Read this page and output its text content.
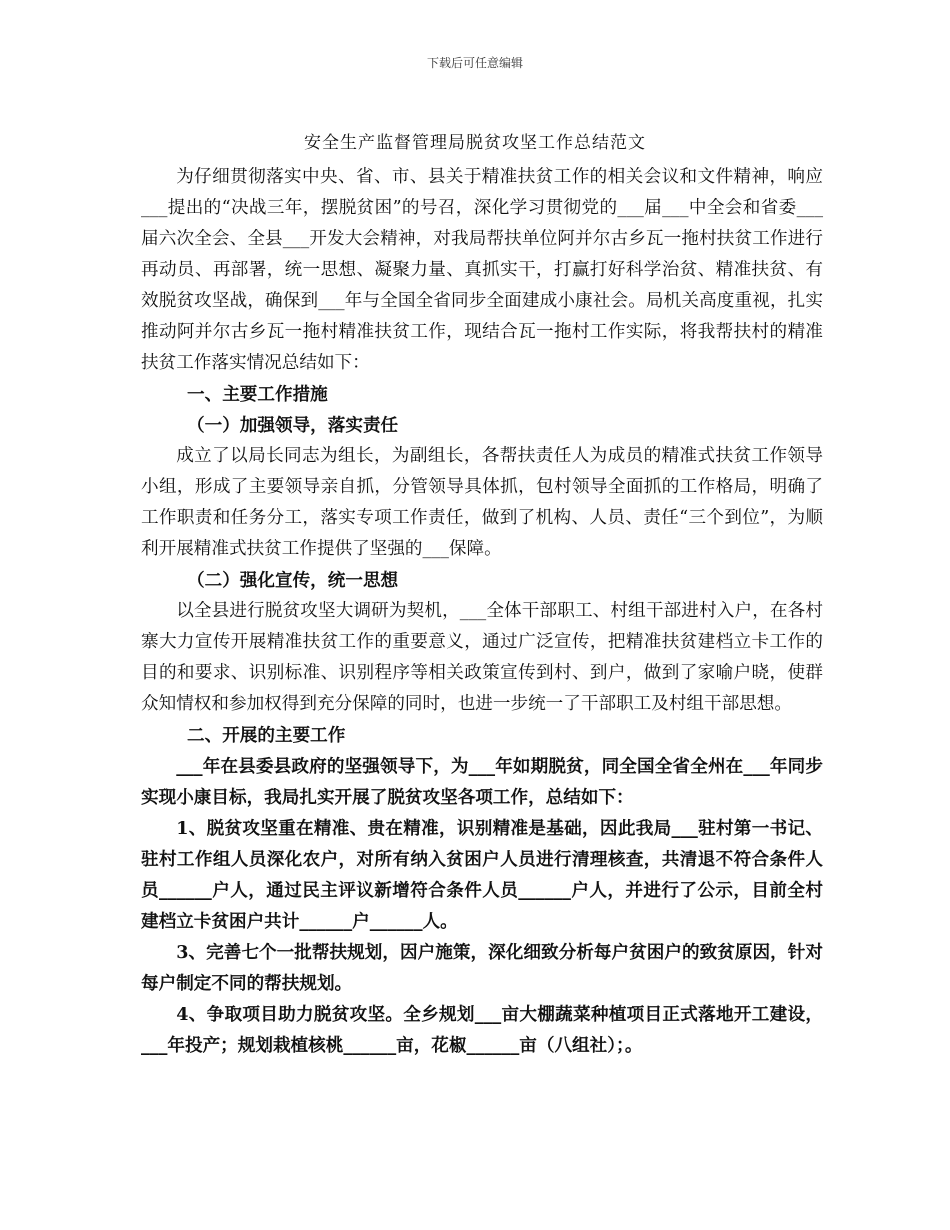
下载后可任意编辑
安全生产监督管理局脱贫攻坚工作总结范文

为仔细贯彻落实中央、省、市、县关于精准扶贫工作的相关会议和文件精神，响应___提出的“决战三年，摆脱贫困”的号召，深化学习贯彻党的___届___中全会和省委___届六次全会、全县___开发大会精神，对我局帮扶单位阿并尔古乡瓦一拖村扶贫工作进行再动员、再部署，统一思想、凝聚力量、真抓实干，打赢打好科学治贫、精准扶贫、有效脱贫攻坚战，确保到___年与全国全省同步全面建成小康社会。局机关高度重视，扎实推动阿并尔古乡瓦一拖村精准扶贫工作，现结合瓦一拖村工作实际，将我帮扶村的精准扶贫工作落实情况总结如下：

一、主要工作措施

（一）加强领导，落实责任

成立了以局长同志为组长，为副组长，各帮扶责任人为成员的精准式扶贫工作领导小组，形成了主要领导亲自抓，分管领导具体抓，包村领导全面抓的工作格局，明确了工作职责和任务分工，落实专项工作责任，做到了机构、人员、责任“三个到位”，为顺利开展精准式扶贫工作提供了坚强的___保障。

（二）强化宣传，统一思想

以全县进行脱贫攻坚大调研为契机，___全体干部职工、村组干部进村入户，在各村寨大力宣传开展精准扶贫工作的重要意义，通过广泛宣传，把精准扶贫建档立卡工作的目的和要求、识别标准、识别程序等相关政策宣传到村、到户，做到了家喻户晓，使群众知情权和参加权得到充分保障的同时，也进一步统一了干部职工及村组干部思想。

二、开展的主要工作

___年在县委县政府的坚强领导下，为___年如期脱贫，同全国全省全州在___年同步实现小康目标，我局扎实开展了脱贫攻坚各项工作，总结如下：

1、脱贫攻坚重在精准、贵在精准，识别精准是基础，因此我局___驻村第一书记、驻村工作组人员深化农户，对所有纳入贫困户人员进行清理核查，共清退不符合条件人员______户人，通过民主评议新增符合条件人员______户人，并进行了公示，目前全村建档立卡贫困户共计______户______人。

3、完善七个一批帮扶规划，因户施策，深化细致分析每户贫困户的致贫原因，针对每户制定不同的帮扶规划。

4、争取项目助力脱贫攻坚。全乡规划___亩大棚蔬菜种植项目正式落地开工建设，___年投产；规划栽植核桃______亩，花椒______亩（八组社）；。
